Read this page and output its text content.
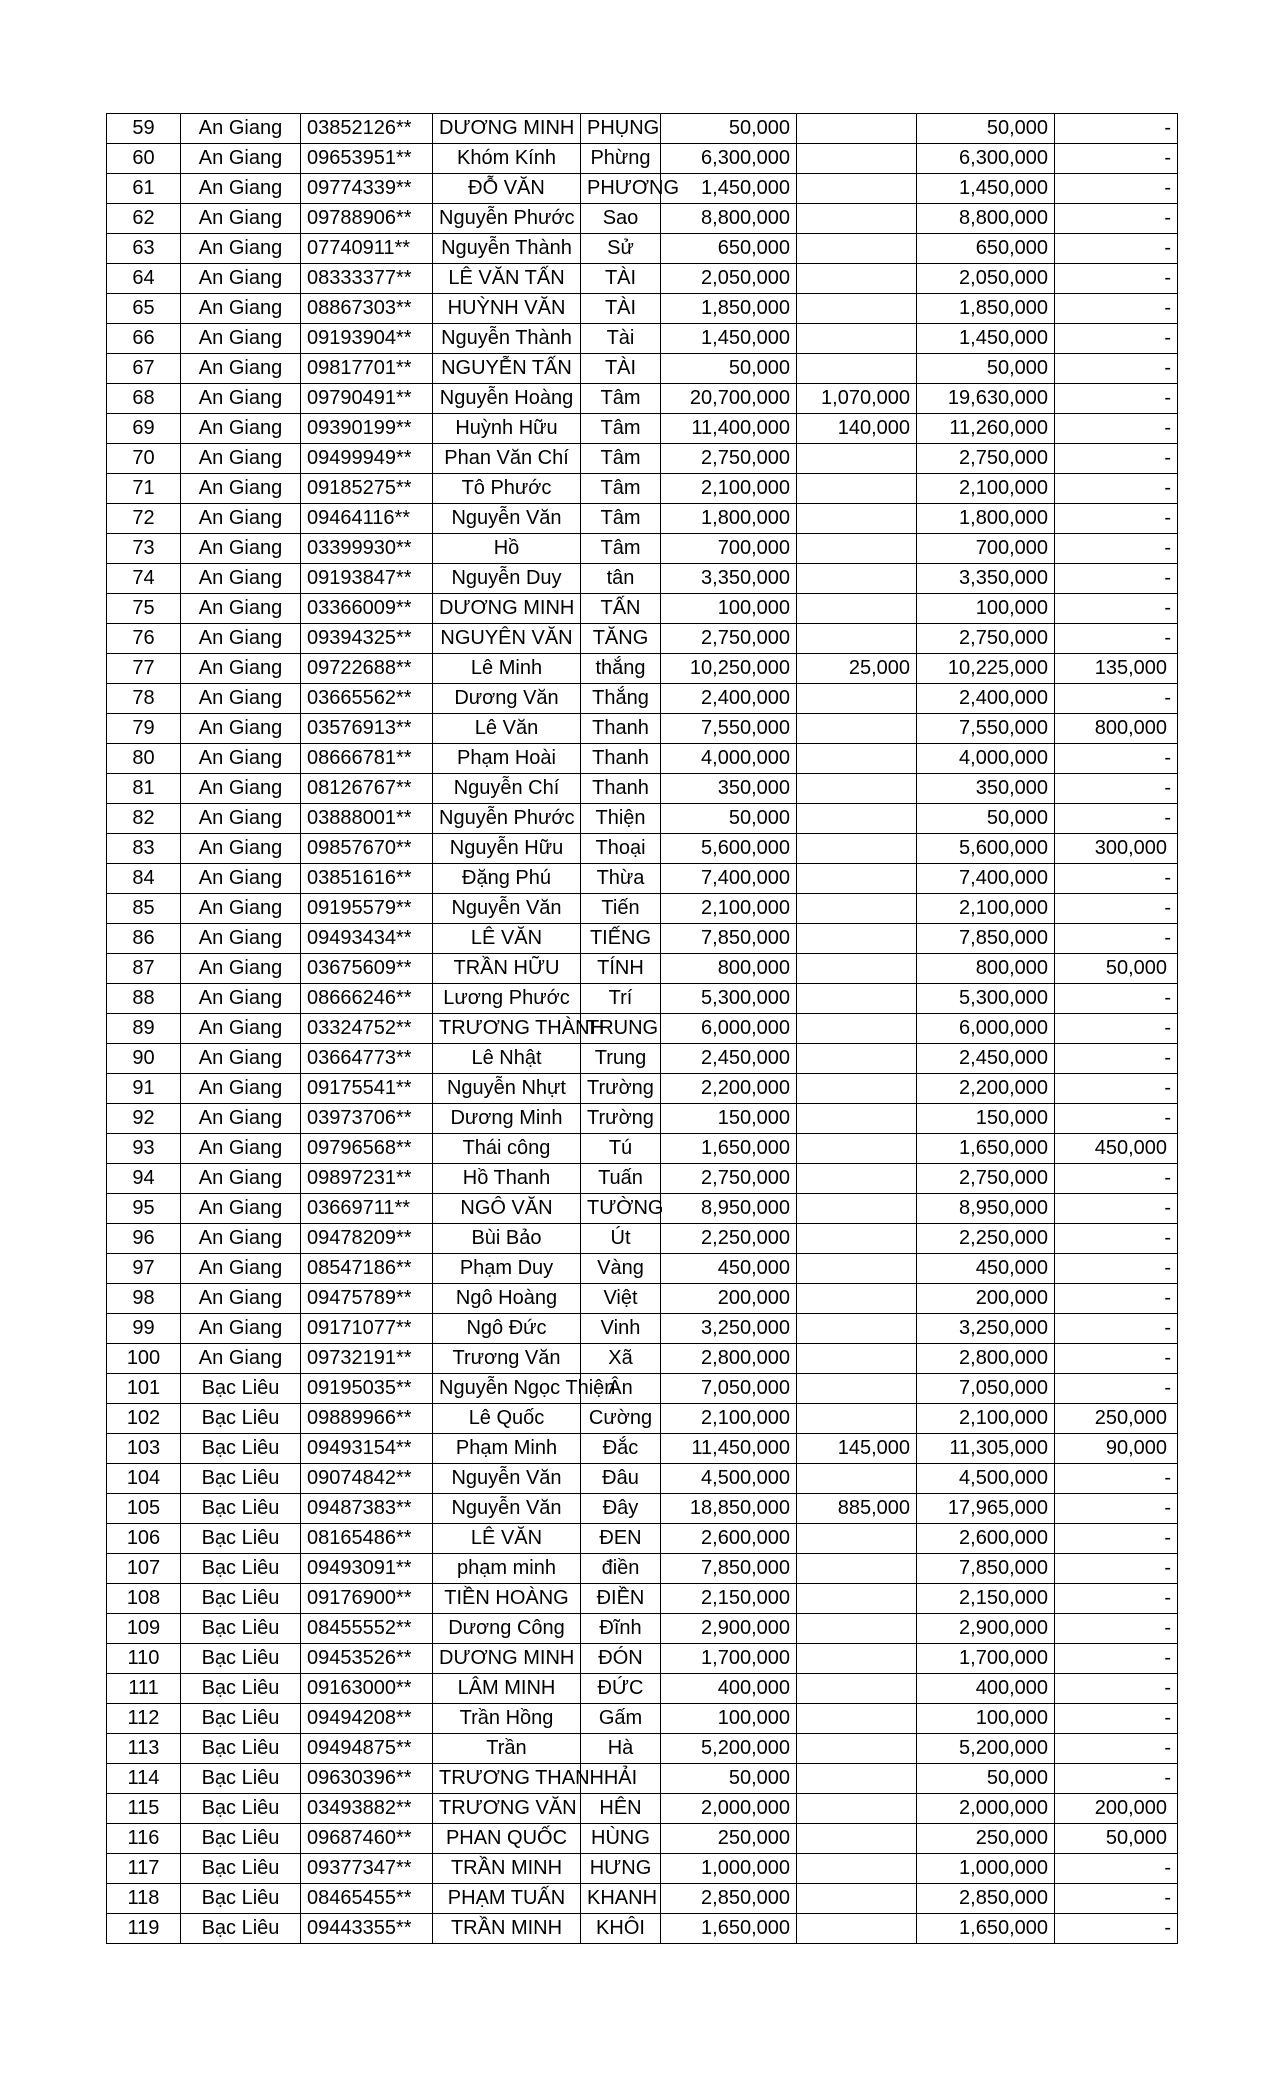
59	An Giang	03852126**	DƯƠNG MINH	PHỤNG	50,000		50,000	-
60	An Giang	09653951**	Khóm Kính	Phừng	6,300,000		6,300,000	-
61	An Giang	09774339**	ĐỖ VĂN	PHƯƠNG	1,450,000		1,450,000	-
62	An Giang	09788906**	Nguyễn Phước	Sao	8,800,000		8,800,000	-
63	An Giang	07740911**	Nguyễn Thành	Sử	650,000		650,000	-
64	An Giang	08333377**	LÊ VĂN TẤN	TÀI	2,050,000		2,050,000	-
65	An Giang	08867303**	HUỲNH VĂN	TÀI	1,850,000		1,850,000	-
66	An Giang	09193904**	Nguyễn Thành	Tài	1,450,000		1,450,000	-
67	An Giang	09817701**	NGUYỄN TẤN	TÀI	50,000		50,000	-
68	An Giang	09790491**	Nguyễn Hoàng	Tâm	20,700,000	1,070,000	19,630,000	-
69	An Giang	09390199**	Huỳnh Hữu	Tâm	11,400,000	140,000	11,260,000	-
70	An Giang	09499949**	Phan Văn Chí	Tâm	2,750,000		2,750,000	-
71	An Giang	09185275**	Tô Phước	Tâm	2,100,000		2,100,000	-
72	An Giang	09464116**	Nguyễn Văn	Tâm	1,800,000		1,800,000	-
73	An Giang	03399930**	Hồ	Tâm	700,000		700,000	-
74	An Giang	09193847**	Nguyễn Duy	tân	3,350,000		3,350,000	-
75	An Giang	03366009**	DƯƠNG MINH	TẤN	100,000		100,000	-
76	An Giang	09394325**	NGUYÊN VĂN	TĂNG	2,750,000		2,750,000	-
77	An Giang	09722688**	Lê Minh	thắng	10,250,000	25,000	10,225,000	135,000
78	An Giang	03665562**	Dương Văn	Thắng	2,400,000		2,400,000	-
79	An Giang	03576913**	Lê Văn	Thanh	7,550,000		7,550,000	800,000
80	An Giang	08666781**	Phạm Hoài	Thanh	4,000,000		4,000,000	-
81	An Giang	08126767**	Nguyễn Chí	Thanh	350,000		350,000	-
82	An Giang	03888001**	Nguyễn Phước	Thiện	50,000		50,000	-
83	An Giang	09857670**	Nguyễn Hữu	Thoại	5,600,000		5,600,000	300,000
84	An Giang	03851616**	Đặng Phú	Thừa	7,400,000		7,400,000	-
85	An Giang	09195579**	Nguyễn Văn	Tiến	2,100,000		2,100,000	-
86	An Giang	09493434**	LÊ VĂN	TIẾNG	7,850,000		7,850,000	-
87	An Giang	03675609**	TRẦN HỮU	TÍNH	800,000		800,000	50,000
88	An Giang	08666246**	Lương Phước	Trí	5,300,000		5,300,000	-
89	An Giang	03324752**	TRƯƠNG THÀNH	TRUNG	6,000,000		6,000,000	-
90	An Giang	03664773**	Lê Nhật	Trung	2,450,000		2,450,000	-
91	An Giang	09175541**	Nguyễn Nhựt	Trường	2,200,000		2,200,000	-
92	An Giang	03973706**	Dương Minh	Trường	150,000		150,000	-
93	An Giang	09796568**	Thái công	Tú	1,650,000		1,650,000	450,000
94	An Giang	09897231**	Hồ Thanh	Tuấn	2,750,000		2,750,000	-
95	An Giang	03669711**	NGÔ VĂN	TƯỜNG	8,950,000		8,950,000	-
96	An Giang	09478209**	Bùi Bảo	Út	2,250,000		2,250,000	-
97	An Giang	08547186**	Phạm Duy	Vàng	450,000		450,000	-
98	An Giang	09475789**	Ngô Hoàng	Việt	200,000		200,000	-
99	An Giang	09171077**	Ngô Đức	Vinh	3,250,000		3,250,000	-
100	An Giang	09732191**	Trương Văn	Xã	2,800,000		2,800,000	-
101	Bạc Liêu	09195035**	Nguyễn Ngọc Thiện	Ân	7,050,000		7,050,000	-
102	Bạc Liêu	09889966**	Lê Quốc	Cường	2,100,000		2,100,000	250,000
103	Bạc Liêu	09493154**	Phạm Minh	Đắc	11,450,000	145,000	11,305,000	90,000
104	Bạc Liêu	09074842**	Nguyễn Văn	Đâu	4,500,000		4,500,000	-
105	Bạc Liêu	09487383**	Nguyễn Văn	Đây	18,850,000	885,000	17,965,000	-
106	Bạc Liêu	08165486**	LÊ VĂN	ĐEN	2,600,000		2,600,000	-
107	Bạc Liêu	09493091**	phạm minh	điền	7,850,000		7,850,000	-
108	Bạc Liêu	09176900**	TIỀN HOÀNG	ĐIỀN	2,150,000		2,150,000	-
109	Bạc Liêu	08455552**	Dương Công	Đĩnh	2,900,000		2,900,000	-
110	Bạc Liêu	09453526**	DƯƠNG MINH	ĐÓN	1,700,000		1,700,000	-
111	Bạc Liêu	09163000**	LÂM MINH	ĐỨC	400,000		400,000	-
112	Bạc Liêu	09494208**	Trần Hồng	Gấm	100,000		100,000	-
113	Bạc Liêu	09494875**	Trần	Hà	5,200,000		5,200,000	-
114	Bạc Liêu	09630396**	TRƯƠNG THANH	HẢI	50,000		50,000	-
115	Bạc Liêu	03493882**	TRƯƠNG VĂN	HÊN	2,000,000		2,000,000	200,000
116	Bạc Liêu	09687460**	PHAN QUỐC	HÙNG	250,000		250,000	50,000
117	Bạc Liêu	09377347**	TRẦN MINH	HƯNG	1,000,000		1,000,000	-
118	Bạc Liêu	08465455**	PHẠM TUẤN	KHANH	2,850,000		2,850,000	-
119	Bạc Liêu	09443355**	TRẦN MINH	KHÔI	1,650,000		1,650,000	-
